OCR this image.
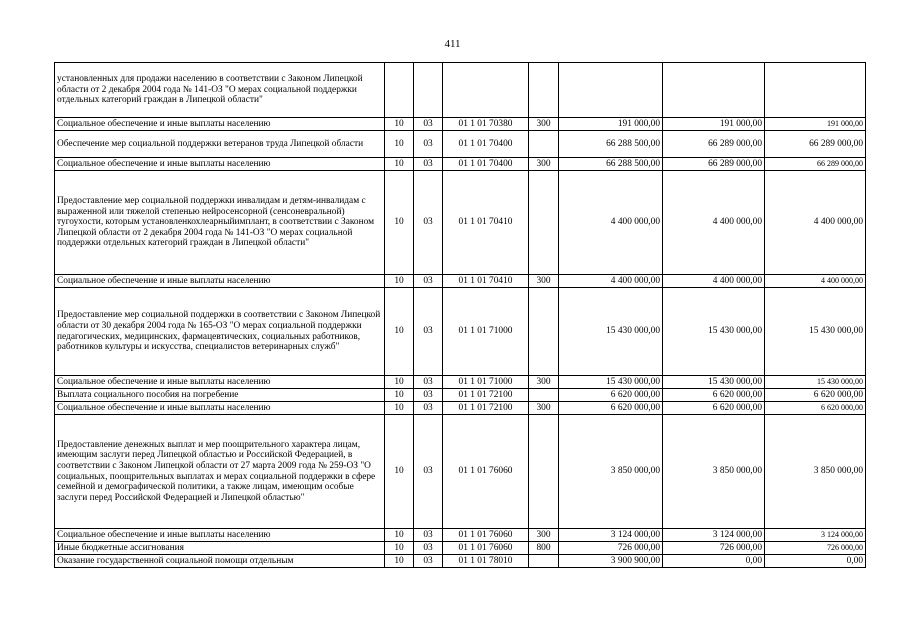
411
установленных для продажи населению в соответствии с Законом Липецкой области от 2 декабря 2004 года № 141-ОЗ "О мерах социальной поддержки отдельных категорий граждан в Липецкой области"							
Социальное обеспечение и иные выплаты населению	10	03	01 1 01 70380	300	191 000,00	191 000,00	191 000,00
Обеспечение мер социальной поддержки ветеранов труда Липецкой области	10	03	01 1 01 70400		66 288 500,00	66 289 000,00	66 289 000,00
Социальное обеспечение и иные выплаты населению	10	03	01 1 01 70400	300	66 288 500,00	66 289 000,00	66 289 000,00
Предоставление мер социальной поддержки инвалидам и детям-инвалидам с выраженной или тяжелой степенью нейросенсорной (сенсоневральной) тугоухости, которым установленкохлеарныйимплант, в соответствии с Законом Липецкой области от 2 декабря 2004 года № 141-ОЗ "О мерах социальной поддержки отдельных категорий граждан в Липецкой области"	10	03	01 1 01 70410		4 400 000,00	4 400 000,00	4 400 000,00
Социальное обеспечение и иные выплаты населению	10	03	01 1 01 70410	300	4 400 000,00	4 400 000,00	4 400 000,00
Предоставление мер социальной поддержки в соответствии с Законом Липецкой области от 30 декабря 2004 года № 165-ОЗ "О мерах социальной поддержки педагогических, медицинских, фармацевтических, социальных работников, работников культуры и искусства, специалистов ветеринарных служб"	10	03	01 1 01 71000		15 430 000,00	15 430 000,00	15 430 000,00
Социальное обеспечение и иные выплаты населению	10	03	01 1 01 71000	300	15 430 000,00	15 430 000,00	15 430 000,00
Выплата социального пособия на погребение	10	03	01 1 01 72100		6 620 000,00	6 620 000,00	6 620 000,00
Социальное обеспечение и иные выплаты населению	10	03	01 1 01 72100	300	6 620 000,00	6 620 000,00	6 620 000,00
Предоставление денежных выплат и мер поощрительного характера лицам, имеющим заслуги перед Липецкой областью и Российской Федерацией, в соответствии с Законом Липецкой области от 27 марта 2009 года № 259-ОЗ "О социальных, поощрительных выплатах и мерах социальной поддержки в сфере семейной и демографической политики, а также лицам, имеющим особые заслуги перед Российской Федерацией и Липецкой областью"	10	03	01 1 01 76060		3 850 000,00	3 850 000,00	3 850 000,00
Социальное обеспечение и иные выплаты населению	10	03	01 1 01 76060	300	3 124 000,00	3 124 000,00	3 124 000,00
Иные бюджетные ассигнования	10	03	01 1 01 76060	800	726 000,00	726 000,00	726 000,00
Оказание государственной социальной помощи отдельным	10	03	01 1 01 78010		3 900 900,00	0,00	0,00
